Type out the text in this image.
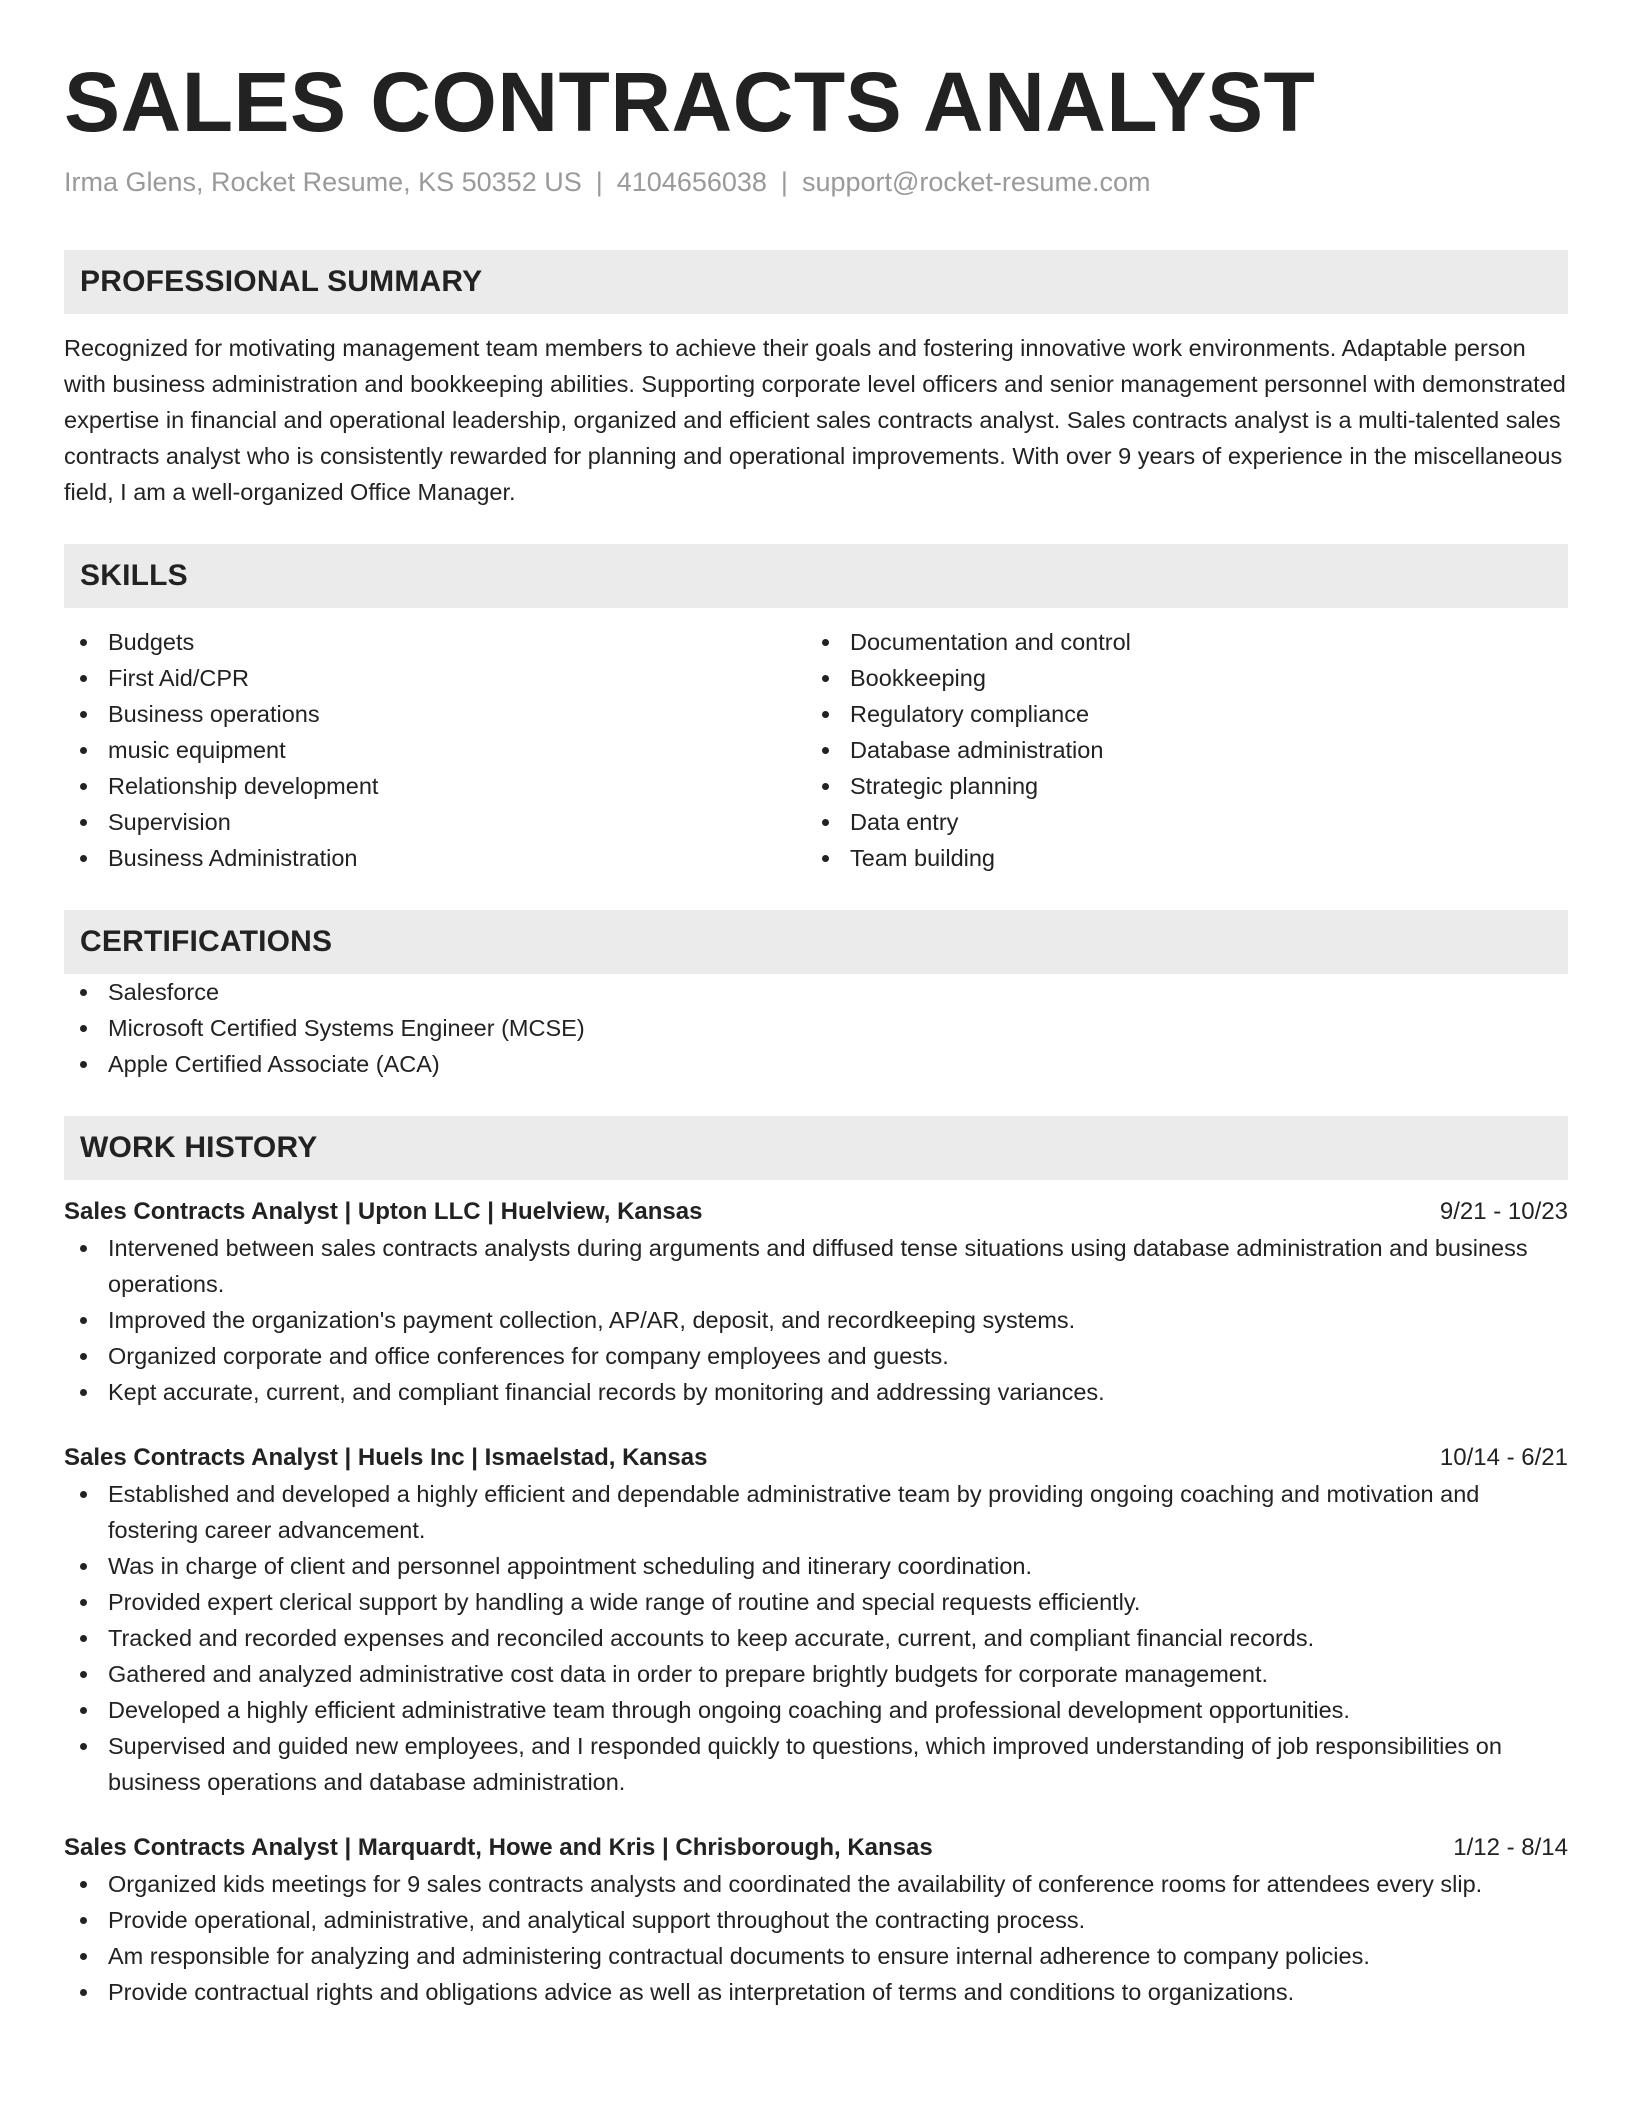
SALES CONTRACTS ANALYST
Irma Glens, Rocket Resume, KS 50352 US | 4104656038 | support@rocket-resume.com
PROFESSIONAL SUMMARY
Recognized for motivating management team members to achieve their goals and fostering innovative work environments. Adaptable person with business administration and bookkeeping abilities. Supporting corporate level officers and senior management personnel with demonstrated expertise in financial and operational leadership, organized and efficient sales contracts analyst. Sales contracts analyst is a multi-talented sales contracts analyst who is consistently rewarded for planning and operational improvements. With over 9 years of experience in the miscellaneous field, I am a well-organized Office Manager.
SKILLS
Budgets
First Aid/CPR
Business operations
music equipment
Relationship development
Supervision
Business Administration
Documentation and control
Bookkeeping
Regulatory compliance
Database administration
Strategic planning
Data entry
Team building
CERTIFICATIONS
Salesforce
Microsoft Certified Systems Engineer (MCSE)
Apple Certified Associate (ACA)
WORK HISTORY
Sales Contracts Analyst | Upton LLC | Huelview, Kansas	9/21 - 10/23
Intervened between sales contracts analysts during arguments and diffused tense situations using database administration and business operations.
Improved the organization's payment collection, AP/AR, deposit, and recordkeeping systems.
Organized corporate and office conferences for company employees and guests.
Kept accurate, current, and compliant financial records by monitoring and addressing variances.
Sales Contracts Analyst | Huels Inc | Ismaelstad, Kansas	10/14 - 6/21
Established and developed a highly efficient and dependable administrative team by providing ongoing coaching and motivation and fostering career advancement.
Was in charge of client and personnel appointment scheduling and itinerary coordination.
Provided expert clerical support by handling a wide range of routine and special requests efficiently.
Tracked and recorded expenses and reconciled accounts to keep accurate, current, and compliant financial records.
Gathered and analyzed administrative cost data in order to prepare brightly budgets for corporate management.
Developed a highly efficient administrative team through ongoing coaching and professional development opportunities.
Supervised and guided new employees, and I responded quickly to questions, which improved understanding of job responsibilities on business operations and database administration.
Sales Contracts Analyst | Marquardt, Howe and Kris | Chrisborough, Kansas	1/12 - 8/14
Organized kids meetings for 9 sales contracts analysts and coordinated the availability of conference rooms for attendees every slip.
Provide operational, administrative, and analytical support throughout the contracting process.
Am responsible for analyzing and administering contractual documents to ensure internal adherence to company policies.
Provide contractual rights and obligations advice as well as interpretation of terms and conditions to organizations.
